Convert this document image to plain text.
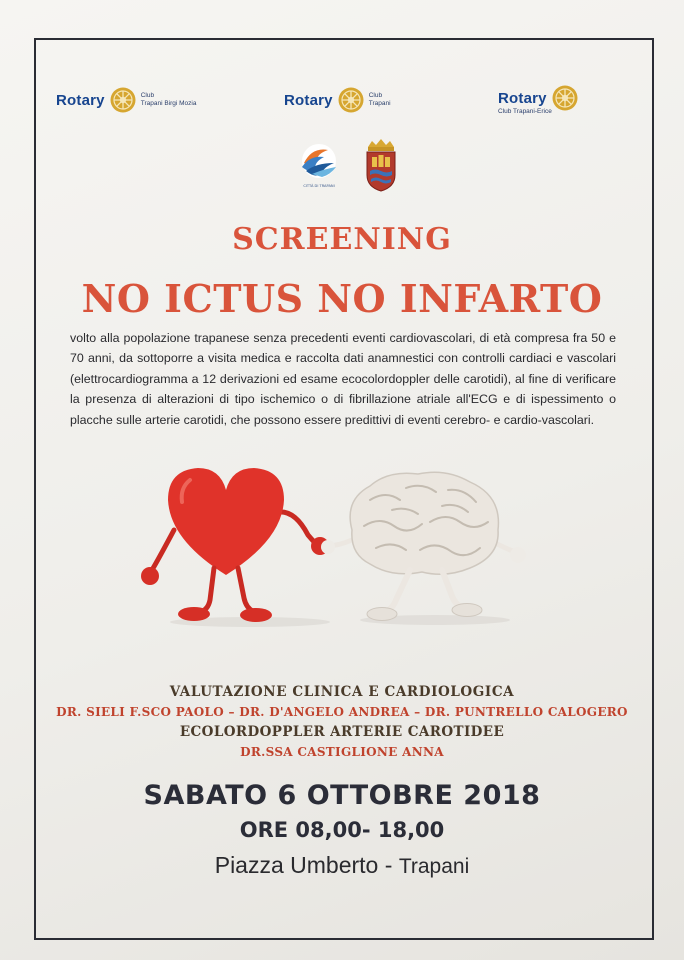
Rotary	Club
Trapani Birgi Mozia	Rotary	Club
Trapani	Rotary
Club Trapani-Erice
CITTÀ DI TRAPANI
SCREENING
NO ICTUS NO INFARTO
volto alla popolazione trapanese senza precedenti eventi cardiovascolari, di età compresa fra 50 e 70 anni, da sottoporre a visita medica e raccolta dati anamnestici con controlli cardiaci e vascolari (elettrocardiogramma a 12 derivazioni ed esame ecocolordoppler delle carotidi), al fine di verificare la presenza di alterazioni di tipo ischemico o di fibrillazione atriale all'ECG e di ispessimento o placche sulle arterie carotidi, che possono essere predittivi di eventi cerebro- e cardio-vascolari.
VALUTAZIONE CLINICA E CARDIOLOGICA
DR. SIELI F.SCO PAOLO – DR. D'ANGELO ANDREA – DR. PUNTRELLO CALOGERO
ECOLORDOPPLER ARTERIE CAROTIDEE
DR.SSA CASTIGLIONE ANNA
SABATO 6 OTTOBRE 2018
ORE 08,00- 18,00
Piazza Umberto - Trapani
